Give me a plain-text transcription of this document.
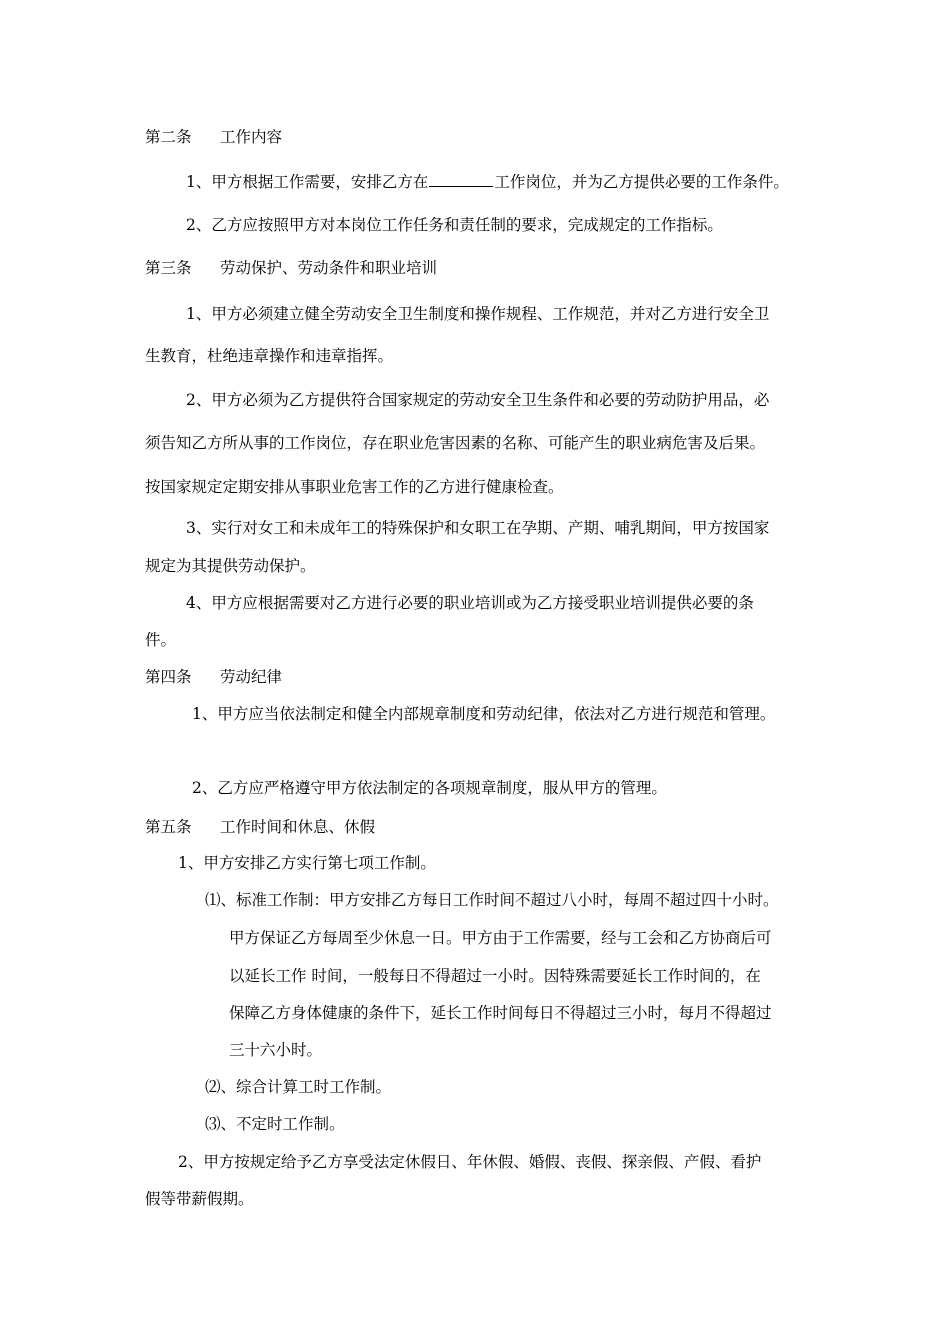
第二条 工作内容
1、甲方根据工作需要，安排乙方在	工作岗位，并为乙方提供必要的工作条件。
2、乙方应按照甲方对本岗位工作任务和责任制的要求，完成规定的工作指标。
第三条 劳动保护、劳动条件和职业培训
1、甲方必须建立健全劳动安全卫生制度和操作规程、工作规范，并对乙方进行安全卫
生教育，杜绝违章操作和违章指挥。
2、甲方必须为乙方提供符合国家规定的劳动安全卫生条件和必要的劳动防护用品，必
须告知乙方所从事的工作岗位，存在职业危害因素的名称、可能产生的职业病危害及后果。
按国家规定定期安排从事职业危害工作的乙方进行健康检查。
3、实行对女工和未成年工的特殊保护和女职工在孕期、产期、哺乳期间，甲方按国家
规定为其提供劳动保护。
4、甲方应根据需要对乙方进行必要的职业培训或为乙方接受职业培训提供必要的条
件。
第四条 劳动纪律
1、甲方应当依法制定和健全内部规章制度和劳动纪律，依法对乙方进行规范和管理。
2、乙方应严格遵守甲方依法制定的各项规章制度，服从甲方的管理。
第五条 工作时间和休息、休假
1、甲方安排乙方实行第七项工作制。
⑴、标准工作制：甲方安排乙方每日工作时间不超过八小时，每周不超过四十小时。
甲方保证乙方每周至少休息一日。甲方由于工作需要，经与工会和乙方协商后可
以延长工作 时间，一般每日不得超过一小时。因特殊需要延长工作时间的，在
保障乙方身体健康的条件下，延长工作时间每日不得超过三小时，每月不得超过
三十六小时。
⑵、综合计算工时工作制。
⑶、不定时工作制。
2、甲方按规定给予乙方享受法定休假日、年休假、婚假、丧假、探亲假、产假、看护
假等带薪假期。
